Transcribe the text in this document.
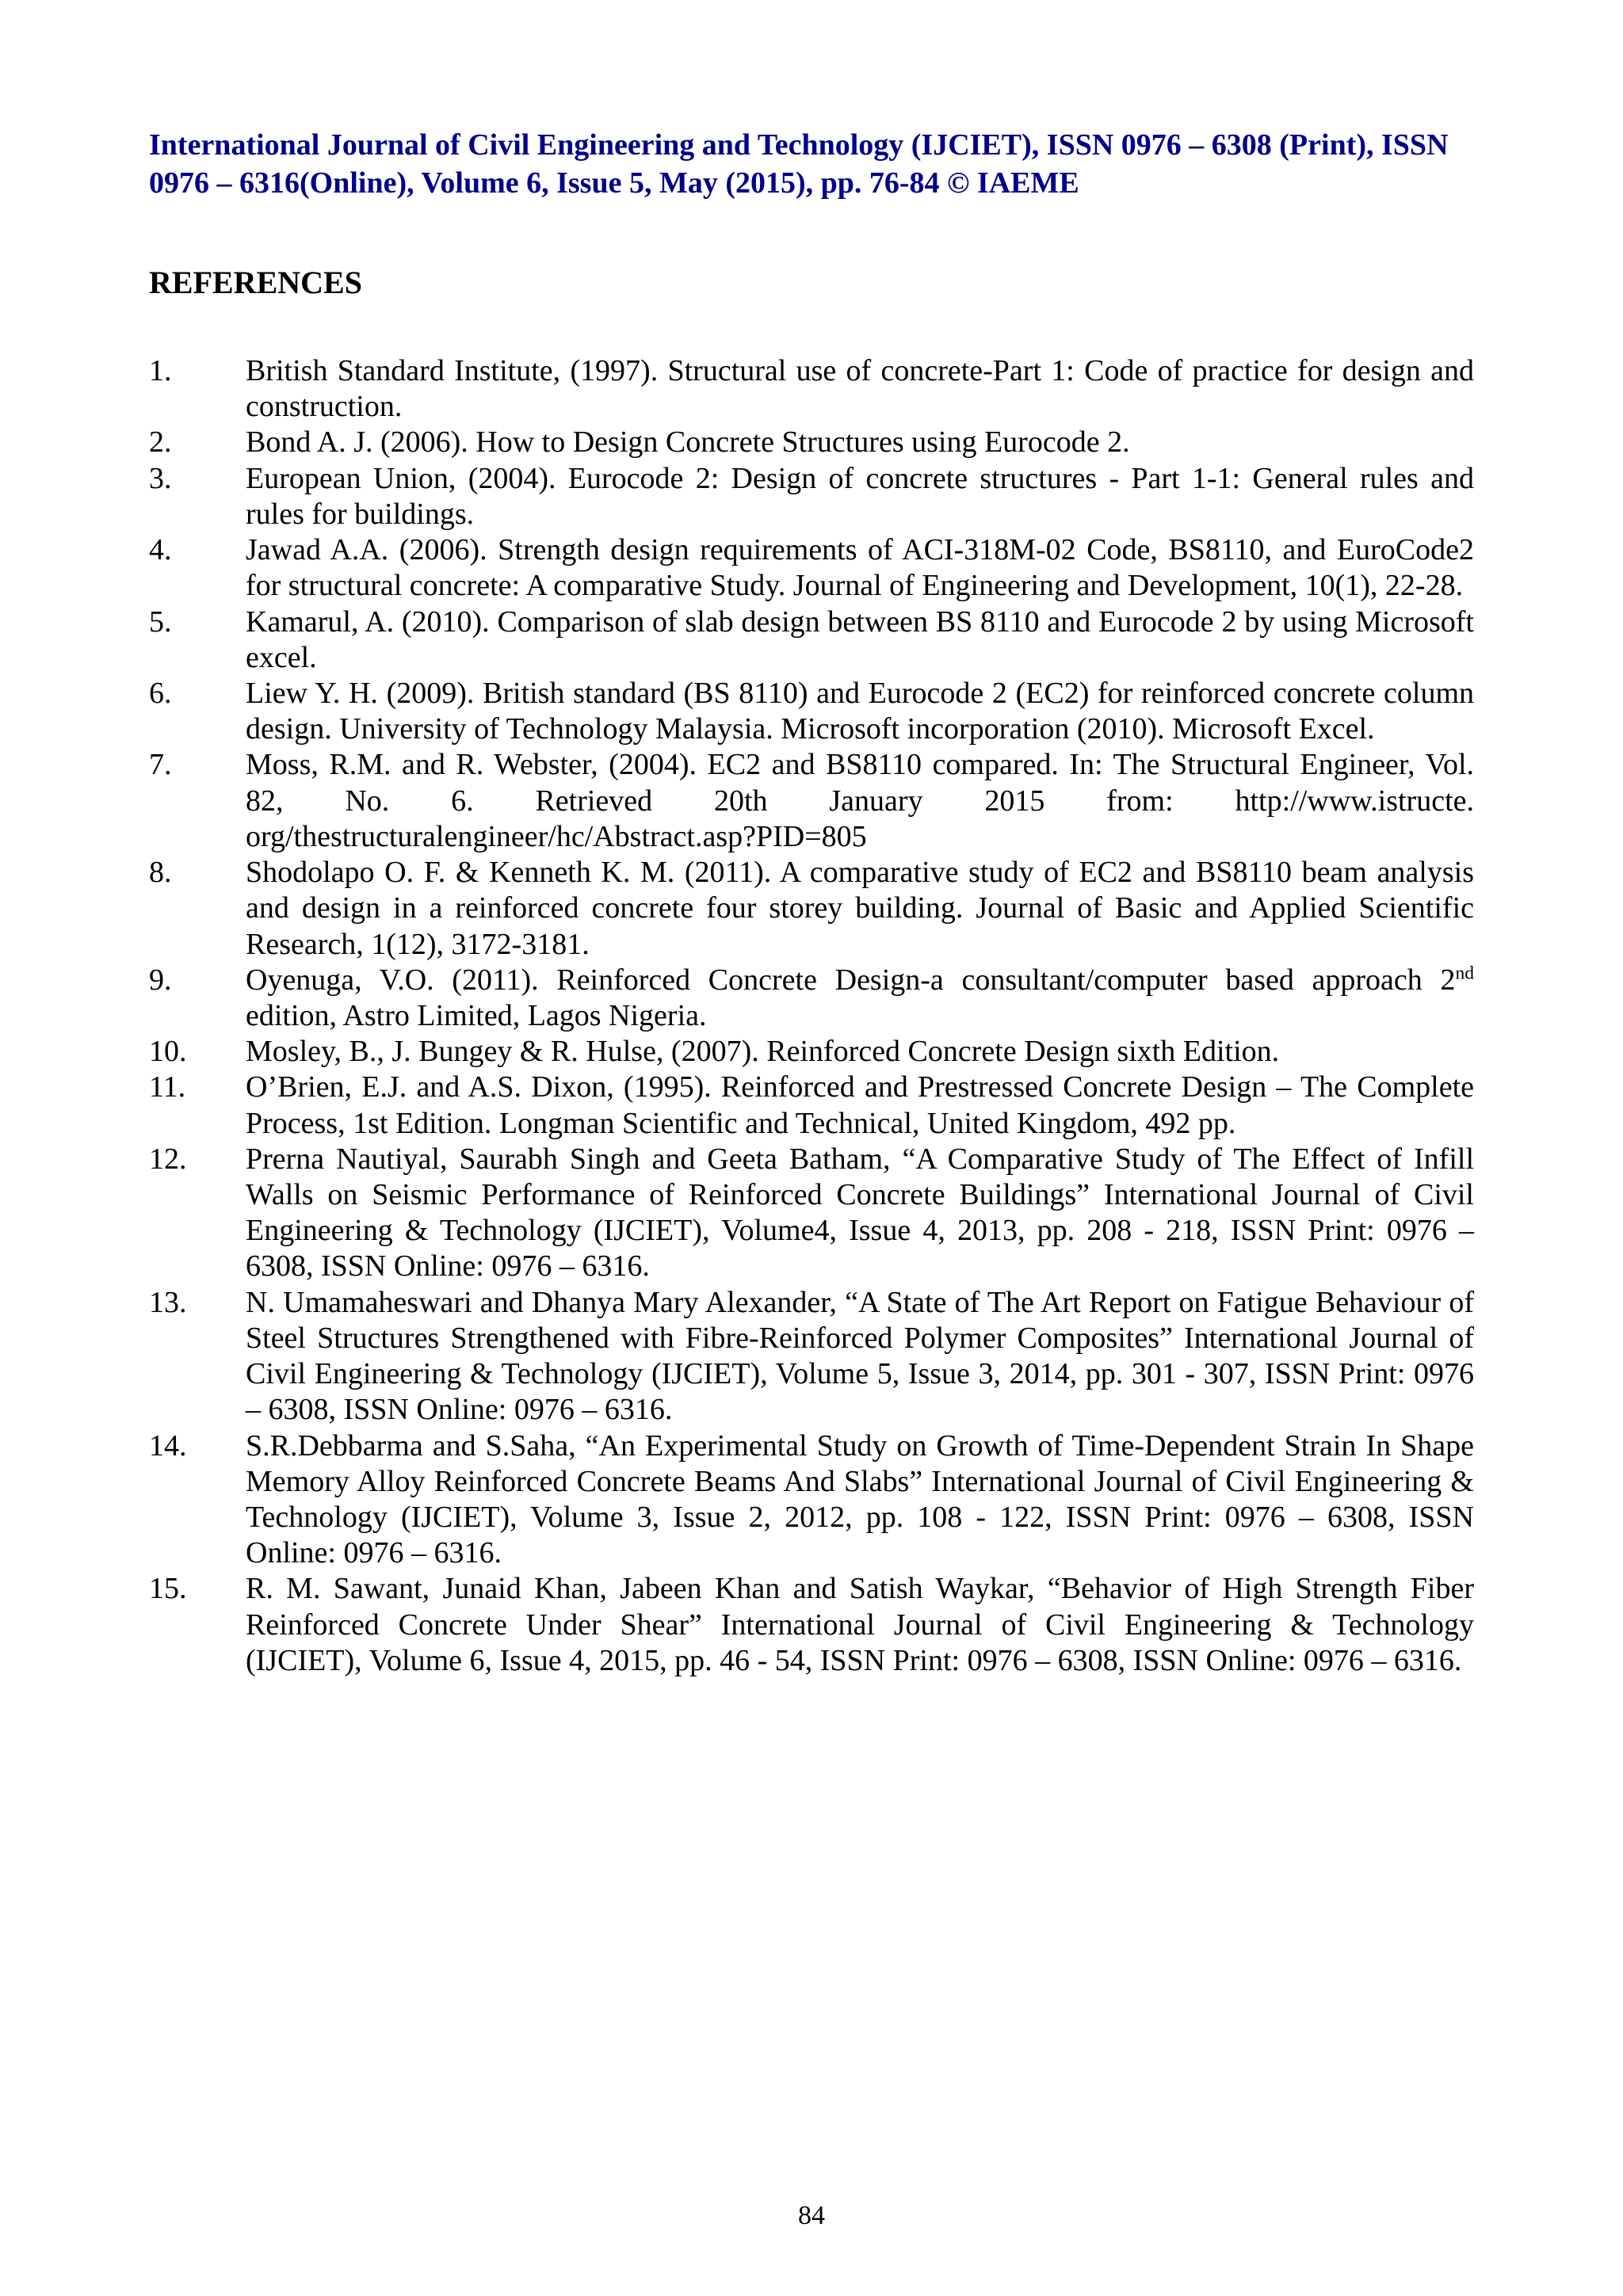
International Journal of Civil Engineering and Technology (IJCIET), ISSN 0976 – 6308 (Print), ISSN 0976 – 6316(Online), Volume 6, Issue 5, May (2015), pp. 76-84 © IAEME
REFERENCES
1.	British Standard Institute, (1997). Structural use of concrete-Part 1: Code of practice for design and construction.
2.	Bond A. J. (2006). How to Design Concrete Structures using Eurocode 2.
3.	European Union, (2004). Eurocode 2: Design of concrete structures - Part 1-1: General rules and rules for buildings.
4.	Jawad A.A. (2006). Strength design requirements of ACI-318M-02 Code, BS8110, and EuroCode2 for structural concrete: A comparative Study. Journal of Engineering and Development, 10(1), 22-28.
5.	Kamarul, A. (2010). Comparison of slab design between BS 8110 and Eurocode 2 by using Microsoft excel.
6.	Liew Y. H. (2009). British standard (BS 8110) and Eurocode 2 (EC2) for reinforced concrete column design. University of Technology Malaysia. Microsoft incorporation (2010). Microsoft Excel.
7.	Moss, R.M. and R. Webster, (2004). EC2 and BS8110 compared. In: The Structural Engineer, Vol. 82, No. 6. Retrieved 20th January 2015 from: http://www.istructe. org/thestructuralengineer/hc/Abstract.asp?PID=805
8.	Shodolapo O. F. & Kenneth K. M. (2011). A comparative study of EC2 and BS8110 beam analysis and design in a reinforced concrete four storey building. Journal of Basic and Applied Scientific Research, 1(12), 3172-3181.
9.	Oyenuga, V.O. (2011). Reinforced Concrete Design-a consultant/computer based approach 2nd edition, Astro Limited, Lagos Nigeria.
10.	Mosley, B., J. Bungey & R. Hulse, (2007). Reinforced Concrete Design sixth Edition.
11.	O’Brien, E.J. and A.S. Dixon, (1995). Reinforced and Prestressed Concrete Design – The Complete Process, 1st Edition. Longman Scientific and Technical, United Kingdom, 492 pp.
12.	Prerna Nautiyal, Saurabh Singh and Geeta Batham, “A Comparative Study of The Effect of Infill Walls on Seismic Performance of Reinforced Concrete Buildings” International Journal of Civil Engineering & Technology (IJCIET), Volume4, Issue 4, 2013, pp. 208 - 218, ISSN Print: 0976 – 6308, ISSN Online: 0976 – 6316.
13.	N. Umamaheswari and Dhanya Mary Alexander, “A State of The Art Report on Fatigue Behaviour of Steel Structures Strengthened with Fibre-Reinforced Polymer Composites” International Journal of Civil Engineering & Technology (IJCIET), Volume 5, Issue 3, 2014, pp. 301 - 307, ISSN Print: 0976 – 6308, ISSN Online: 0976 – 6316.
14.	S.R.Debbarma and S.Saha, “An Experimental Study on Growth of Time-Dependent Strain In Shape Memory Alloy Reinforced Concrete Beams And Slabs” International Journal of Civil Engineering & Technology (IJCIET), Volume 3, Issue 2, 2012, pp. 108 - 122, ISSN Print: 0976 – 6308, ISSN Online: 0976 – 6316.
15.	R. M. Sawant, Junaid Khan, Jabeen Khan and Satish Waykar, “Behavior of High Strength Fiber Reinforced Concrete Under Shear” International Journal of Civil Engineering & Technology (IJCIET), Volume 6, Issue 4, 2015, pp. 46 - 54, ISSN Print: 0976 – 6308, ISSN Online: 0976 – 6316.
84
